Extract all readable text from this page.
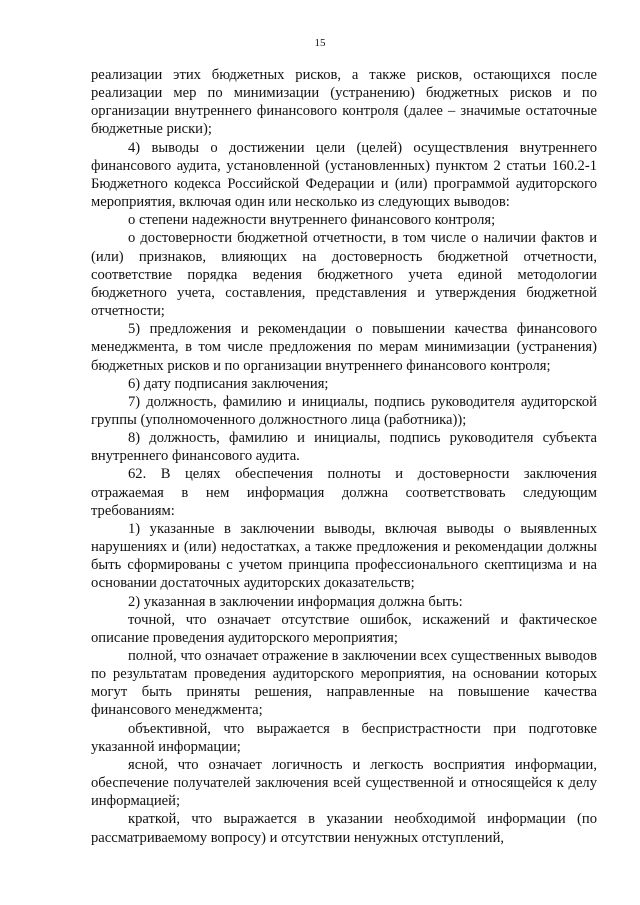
15

реализации этих бюджетных рисков, а также рисков, остающихся после реализации мер по минимизации (устранению) бюджетных рисков и по организации внутреннего финансового контроля (далее – значимые остаточные бюджетные риски);

4) выводы о достижении цели (целей) осуществления внутреннего финансового аудита, установленной (установленных) пунктом 2 статьи 160.2-1 Бюджетного кодекса Российской Федерации и (или) программой аудиторского мероприятия, включая один или несколько из следующих выводов:

о степени надежности внутреннего финансового контроля;

о достоверности бюджетной отчетности, в том числе о наличии фактов и (или) признаков, влияющих на достоверность бюджетной отчетности, соответствие порядка ведения бюджетного учета единой методологии бюджетного учета, составления, представления и утверждения бюджетной отчетности;

5) предложения и рекомендации о повышении качества финансового менеджмента, в том числе предложения по мерам минимизации (устранения) бюджетных рисков и по организации внутреннего финансового контроля;

6) дату подписания заключения;

7) должность, фамилию и инициалы, подпись руководителя аудиторской группы (уполномоченного должностного лица (работника));

8) должность, фамилию и инициалы, подпись руководителя субъекта внутреннего финансового аудита.

62. В целях обеспечения полноты и достоверности заключения отражаемая в нем информация должна соответствовать следующим требованиям:

1) указанные в заключении выводы, включая выводы о выявленных нарушениях и (или) недостатках, а также предложения и рекомендации должны быть сформированы с учетом принципа профессионального скептицизма и на основании достаточных аудиторских доказательств;

2) указанная в заключении информация должна быть:

точной, что означает отсутствие ошибок, искажений и фактическое описание проведения аудиторского мероприятия;

полной, что означает отражение в заключении всех существенных выводов по результатам проведения аудиторского мероприятия, на основании которых могут быть приняты решения, направленные на повышение качества финансового менеджмента;

объективной, что выражается в беспристрастности при подготовке указанной информации;

ясной, что означает логичность и легкость восприятия информации, обеспечение получателей заключения всей существенной и относящейся к делу информацией;

краткой, что выражается в указании необходимой информации (по рассматриваемому вопросу) и отсутствии ненужных отступлений,
